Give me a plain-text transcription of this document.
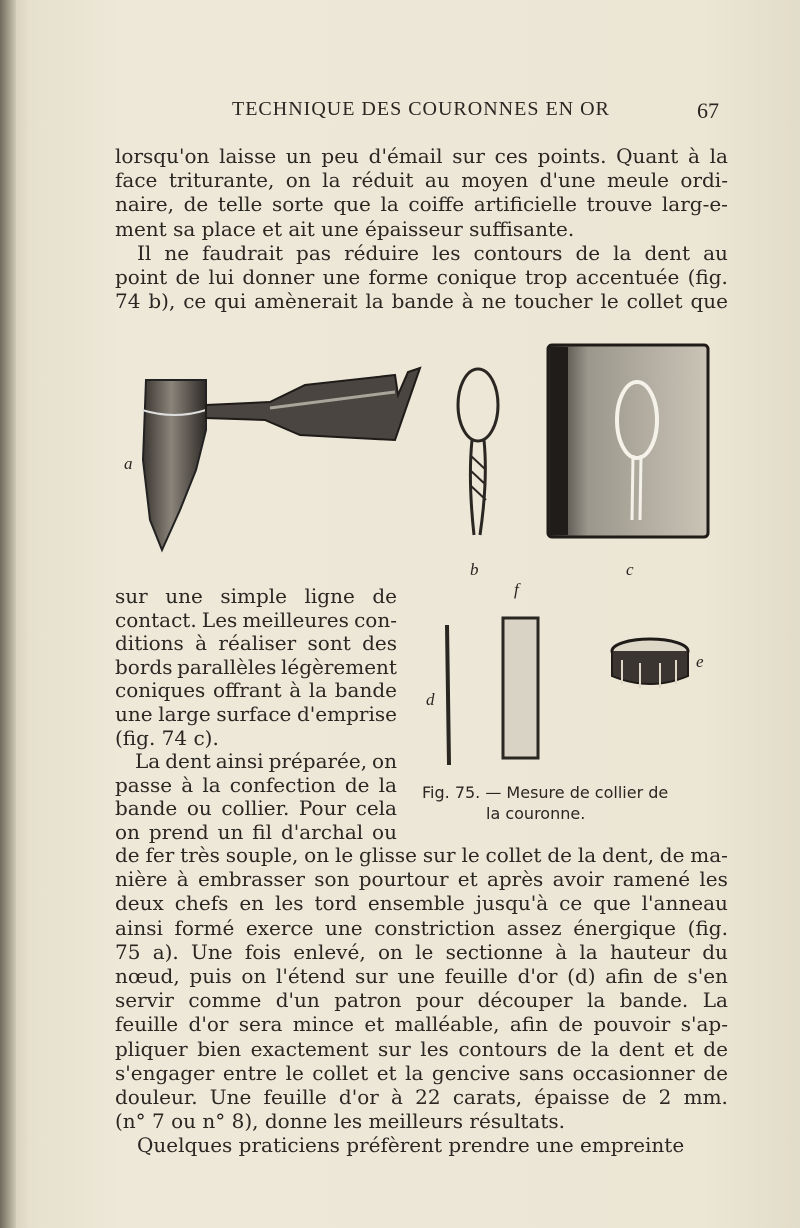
TECHNIQUE DES COURONNES EN OR	67
lorsqu'on laisse un peu d'émail sur ces points. Quant à la
face triturante, on la réduit au moyen d'une meule ordi-
naire, de telle sorte que la coiffe artificielle trouve larg-e-
ment sa place et ait une épaisseur suffisante.
Il ne faudrait pas réduire les contours de la dent au
point de lui donner une forme conique trop accentuée (fig.
74 b), ce qui amènerait la bande à ne toucher le collet que
sur une simple ligne de
contact. Les meilleures con-
ditions à réaliser sont des
bords parallèles légèrement
coniques offrant à la bande
une large surface d'emprise
(fig. 74 c).
La dent ainsi préparée, on
passe à la confection de la
bande ou collier. Pour cela
on prend un fil d'archal ou
de fer très souple, on le glisse sur le collet de la dent, de ma-
nière à embrasser son pourtour et après avoir ramené les
deux chefs en les tord ensemble jusqu'à ce que l'anneau
ainsi formé exerce une constriction assez énergique (fig.
75 a). Une fois enlevé, on le sectionne à la hauteur du
nœud, puis on l'étend sur une feuille d'or (d) afin de s'en
servir comme d'un patron pour découper la bande. La
feuille d'or sera mince et malléable, afin de pouvoir s'ap-
pliquer bien exactement sur les contours de la dent et de
s'engager entre le collet et la gencive sans occasionner de
douleur. Une feuille d'or à 22 carats, épaisse de 2 mm.
(n° 7 ou n° 8), donne les meilleurs résultats.
Quelques praticiens préfèrent prendre une empreinte
a
b	c
f
e
d
Fig. 75. — Mesure de collier de
la couronne.
